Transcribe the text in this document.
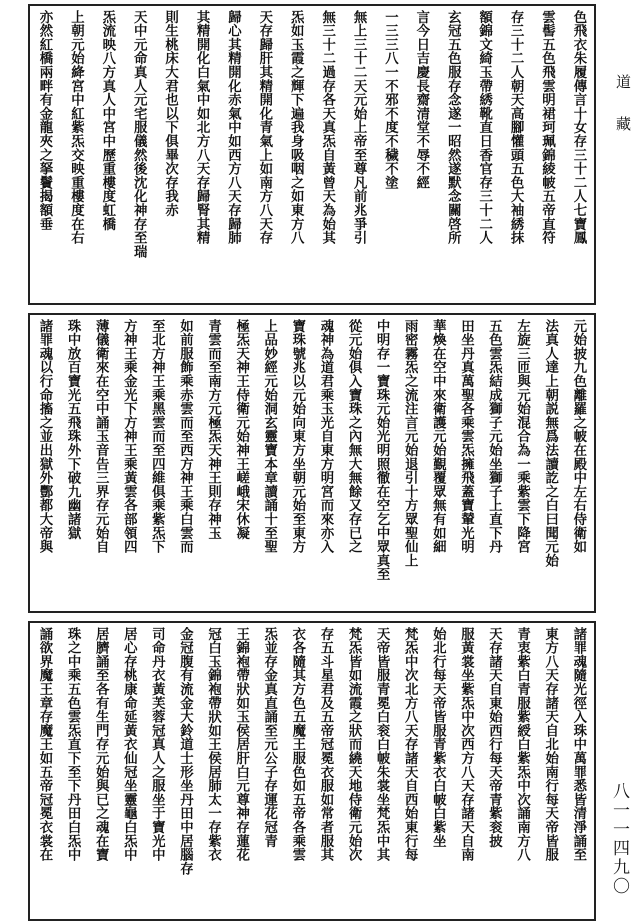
道
藏
八一一四九〇
色飛衣朱履傳言十女存三十二人七寶鳳
雲髻五色飛雲明裙珂珮錦綾帔五帝直符
存三十二人朝天高腳懽頭五色大袖綉抹
額錦文綺玉帶綉靴直日香官存三十二人
玄冠五色服存念遂一昭然遂默念關啓所
言今日吉慶長齋清堂不辱不經
一三三八一不邪不度不穢不塗
無上三十二天元始上帝至尊凡前兆爭引
無三十二過存各天真炁自黃曾天為始其
炁如玉霞之輝下遍我身吸咽之如東方八
天存歸肝其精開化青氣上如南方八天存
歸心其精開化赤氣中如西方八天存歸肺
其精開化白氣中如北方八天存歸腎其精
則生桃床大君也以下俱畢次存我赤
天中元命真人元宅服儀然後沈化神存至瑞
炁流映八方真人中宮中歷重樓度虹橋
上朝元始絳宮中紅紫炁交映重樓度在右
亦然紅橋兩畔有金龍夾之拏鬢揭額垂
元始披九色離羅之帔在殿中左右侍衛如
法真人達上朝説無爲法讀訖之白曰聞元始
左旋三匝與元始混合為一乘紫雲下降宮
五色雲炁結成獅子元始坐獅子上直下丹
田坐丹真萬聖各乘雲炁擁飛蓋寶輦光明
華煥在空中來衛護元始覲覆眾無有如細
雨密霧炁之流注言元始退引十方眾聖仙上
中明存一寶珠元始光明照徹在空乞中眾真至
從元始俱入寶珠之內無大無餘又存已之
魂神為道君乘玉光自東方明宮而來亦入
寶珠號兆以元始向東方坐朝元始至東方
上品妙經元始洞玄靈寶本章讀誦十至聖
極炁天神王侍衛元始神王嵯峨宋休凝
青雲而至南方元極炁天神王則存神玉
如前服飾乘赤雲而至西方神王乘白雲而
至北方神王乘黑雲而至四維俱乘紫炁下
方神王乘金光下方神王乘黃雲各部領四
薄儀衛來在空中誦玉音告三界存元始自
珠中放百寶光五飛珠外下破九幽諸獄
諸罪魂以行命搐之並出獄外酆都大帝與
諸罪魂隨光徑入珠中萬罪悉皆清淨誦至
東方八天存諸天自北始南行每天帝皆服
青衷紫白青服紫綬白紫炁中次誦南方八
天存諸天自東始西行每天帝青紫衮披
服黃裳坐紫炁中次西方八天存諸天自南
始北行每天帝皆服青紫衣白帔白紫坐
梵炁中次北方八天存諸天自西始東行每
天帝皆服青冕白衮白帔朱裳坐梵炁中其
梵炁皆如流霞之狀而繞天地侍衛元始次
存五斗星君及五帝冠冕衣服如常者服其
衣各隨其方色五魔王服色如五帝各乘雲
炁並存金真直誦至元公子存運花冠青
王錦袍帶狀如玉侯居肝白元尊神存蓮花
冠白玉錦袍帶狀如王侯居肺太一存紫衣
金冠腹有流金大鈴道士形坐丹田中居腦存
司命丹衣黃芙蓉冠真人之服坐于寶光中
居心存桃康命延黃衣仙冠坐靈龜白炁中
居臍誦至各有生門存元始與已之魂在寶
珠之中乘五色雲炁直下至下丹田白炁中
誦欲界魔王章存魔王如五帝冠冕衣裳在
